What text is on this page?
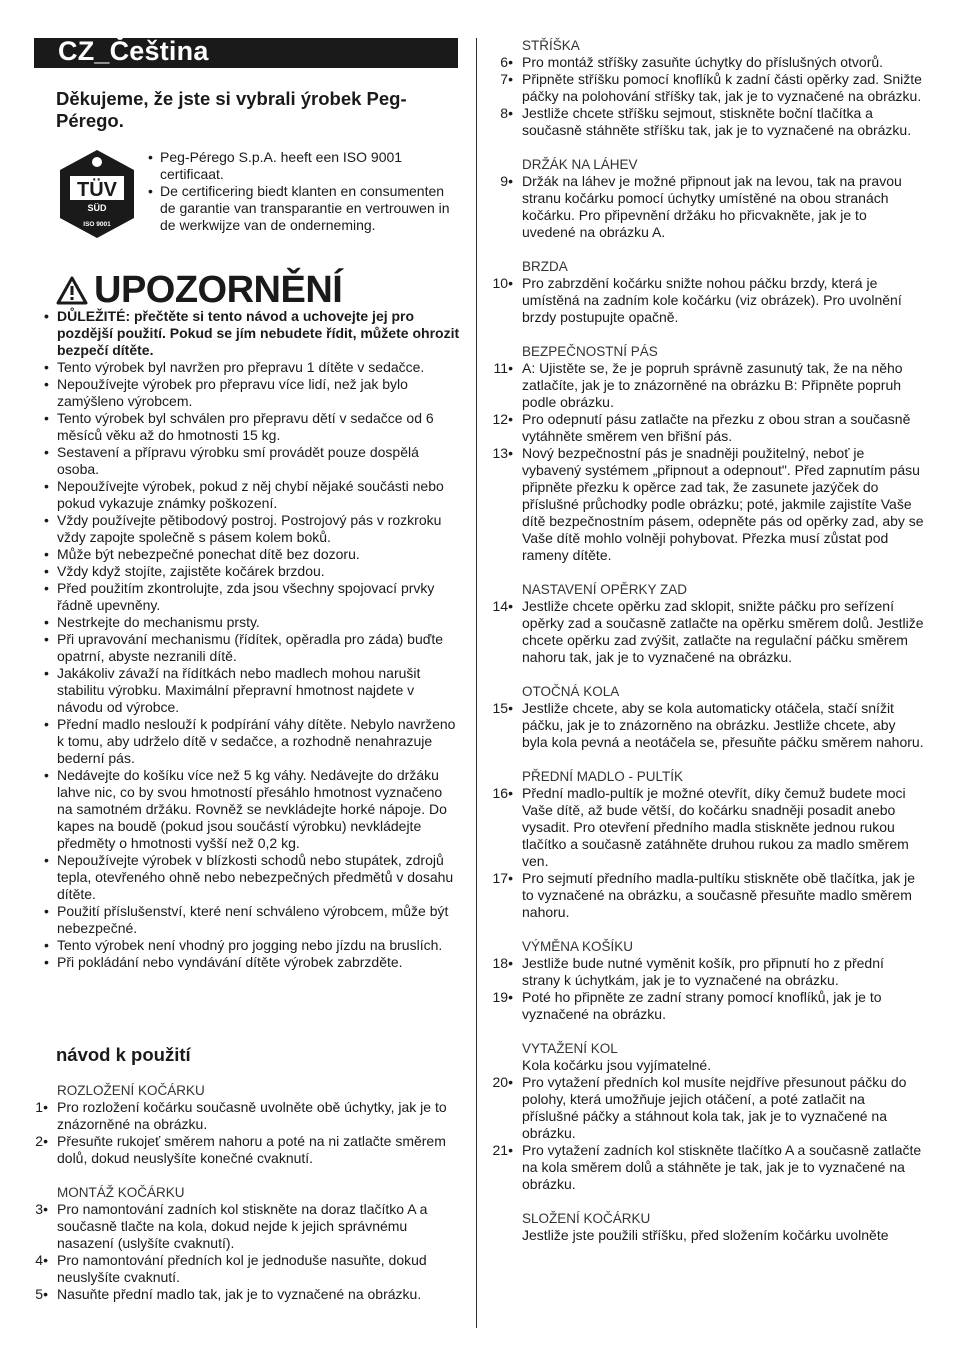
CZ_Čeština
Děkujeme, že jste si vybrali ýrobek Peg-Pérego.
TÜV
SÜD
ISO 9001
• Peg-Pérego S.p.A. heeft een ISO 9001 certificaat.
• De certificering biedt klanten en consumenten de garantie van transparantie en vertrouwen in de werkwijze van de onderneming.
UPOZORNĚNÍ
• DŮLEŽITÉ: přečtěte si tento návod a uchovejte jej pro pozdější použití. Pokud se jím nebudete řídit, můžete ohrozit bezpečí dítěte.
• Tento výrobek byl navržen pro přepravu 1 dítěte v sedačce.
• Nepoužívejte výrobek pro přepravu více lidí, než jak bylo zamýšleno výrobcem.
• Tento výrobek byl schválen pro přepravu dětí v sedačce od 6 měsíců věku až do hmotnosti 15 kg.
• Sestavení a přípravu výrobku smí provádět pouze dospělá osoba.
• Nepoužívejte výrobek, pokud z něj chybí nějaké součásti nebo pokud vykazuje známky poškození.
• Vždy používejte pětibodový postroj. Postrojový pás v rozkroku vždy zapojte společně s pásem kolem boků.
• Může být nebezpečné ponechat dítě bez dozoru.
• Vždy když stojíte, zajistěte kočárek brzdou.
• Před použitím zkontrolujte, zda jsou všechny spojovací prvky řádně upevněny.
• Nestrkejte do mechanismu prsty.
• Při upravování mechanismu (řídítek, opěradla pro záda) buďte opatrní, abyste nezranili dítě.
• Jakákoliv závaží na řídítkách nebo madlech mohou narušit stabilitu výrobku. Maximální přepravní hmotnost najdete v návodu od výrobce.
• Přední madlo neslouží k podpírání váhy dítěte. Nebylo navrženo k tomu, aby udrželo dítě v sedačce, a rozhodně nenahrazuje bederní pás.
• Nedávejte do košíku více než 5 kg váhy. Nedávejte do držáku lahve nic, co by svou hmotností přesáhlo hmotnost vyznačeno na samotném držáku. Rovněž se nevkládejte horké nápoje. Do kapes na boudě (pokud jsou součástí výrobku) nevkládejte předměty o hmotnosti vyšší než 0,2 kg.
• Nepoužívejte výrobek v blízkosti schodů nebo stupátek, zdrojů tepla, otevřeného ohně nebo nebezpečných předmětů v dosahu dítěte.
• Použití příslušenství, které není schváleno výrobcem, může být nebezpečné.
• Tento výrobek není vhodný pro jogging nebo jízdu na bruslích.
• Při pokládání nebo vyndávání dítěte výrobek zabrzděte.
návod k použití
ROZLOŽENÍ KOČÁRKU
1 • Pro rozložení kočárku současně uvolněte obě úchytky, jak je to znázorněné na obrázku.
2 • Přesuňte rukojeť směrem nahoru a poté na ni zatlačte směrem dolů, dokud neuslyšíte konečné cvaknutí.
MONTÁŽ KOČÁRKU
3 • Pro namontování zadních kol stiskněte na doraz tlačítko A a současně tlačte na kola, dokud nejde k jejich správnému nasazení (uslyšíte cvaknutí).
4 • Pro namontování předních kol je jednoduše nasuňte, dokud neuslyšíte cvaknutí.
5 • Nasuňte přední madlo tak, jak je to vyznačené na obrázku.
STŘÍŠKA
6 • Pro montáž stříšky zasuňte úchytky do příslušných otvorů.
7 • Připněte stříšku pomocí knoflíků k zadní části opěrky zad. Snižte páčky na polohování stříšky tak, jak je to vyznačené na obrázku.
8 • Jestliže chcete stříšku sejmout, stiskněte boční tlačítka a současně stáhněte stříšku tak, jak je to vyznačené na obrázku.
DRŽÁK NA LÁHEV
9 • Držák na láhev je možné připnout jak na levou, tak na pravou stranu kočárku pomocí úchytky umístěné na obou stranách kočárku. Pro připevnění držáku ho přicvakněte, jak je to uvedené na obrázku A.
BRZDA
10 • Pro zabrzdění kočárku snižte nohou páčku brzdy, která je umístěná na zadním kole kočárku (viz obrázek). Pro uvolnění brzdy postupujte opačně.
BEZPEČNOSTNÍ PÁS
11 • A: Ujistěte se, že je popruh správně zasunutý tak, že na něho zatlačíte, jak je to znázorněné na obrázku B: Připněte popruh podle obrázku.
12 • Pro odepnutí pásu zatlačte na přezku z obou stran a současně vytáhněte směrem ven břišní pás.
13 • Nový bezpečnostní pás je snadněji použitelný, neboť je vybavený systémem „připnout a odepnout". Před zapnutím pásu připněte přezku k opěrce zad tak, že zasunete jazýček do příslušné průchodky podle obrázku; poté, jakmile zajistíte Vaše dítě bezpečnostním pásem, odepněte pás od opěrky zad, aby se Vaše dítě mohlo volněji pohybovat. Přezka musí zůstat pod rameny dítěte.
NASTAVENÍ OPĚRKY ZAD
14 • Jestliže chcete opěrku zad sklopit, snižte páčku pro seřízení opěrky zad a současně zatlačte na opěrku směrem dolů. Jestliže chcete opěrku zad zvýšit, zatlačte na regulační páčku směrem nahoru tak, jak je to vyznačené na obrázku.
OTOČNÁ KOLA
15 • Jestliže chcete, aby se kola automaticky otáčela, stačí snížit páčku, jak je to znázorněno na obrázku. Jestliže chcete, aby byla kola pevná a neotáčela se, přesuňte páčku směrem nahoru.
PŘEDNÍ MADLO - PULTÍK
16 • Přední madlo-pultík je možné otevřít, díky čemuž budete moci Vaše dítě, až bude větší, do kočárku snadněji posadit anebo vysadit. Pro otevření předního madla stiskněte jednou rukou tlačítko a současně zatáhněte druhou rukou za madlo směrem ven.
17 • Pro sejmutí předního madla-pultíku stiskněte obě tlačítka, jak je to vyznačené na obrázku, a současně přesuňte madlo směrem nahoru.
VÝMĚNA KOŠÍKU
18 • Jestliže bude nutné vyměnit košík, pro připnutí ho z přední strany k úchytkám, jak je to vyznačené na obrázku.
19 • Poté ho připněte ze zadní strany pomocí knoflíků, jak je to vyznačené na obrázku.
VYTAŽENÍ KOL
Kola kočárku jsou vyjímatelné.
20 • Pro vytažení předních kol musíte nejdříve přesunout páčku do polohy, která umožňuje jejich otáčení, a poté zatlačit na příslušné páčky a stáhnout kola tak, jak je to vyznačené na obrázku.
21 • Pro vytažení zadních kol stiskněte tlačítko A a současně zatlačte na kola směrem dolů a stáhněte je tak, jak je to vyznačené na obrázku.
SLOŽENÍ KOČÁRKU
Jestliže jste použili stříšku, před složením kočárku uvolněte
